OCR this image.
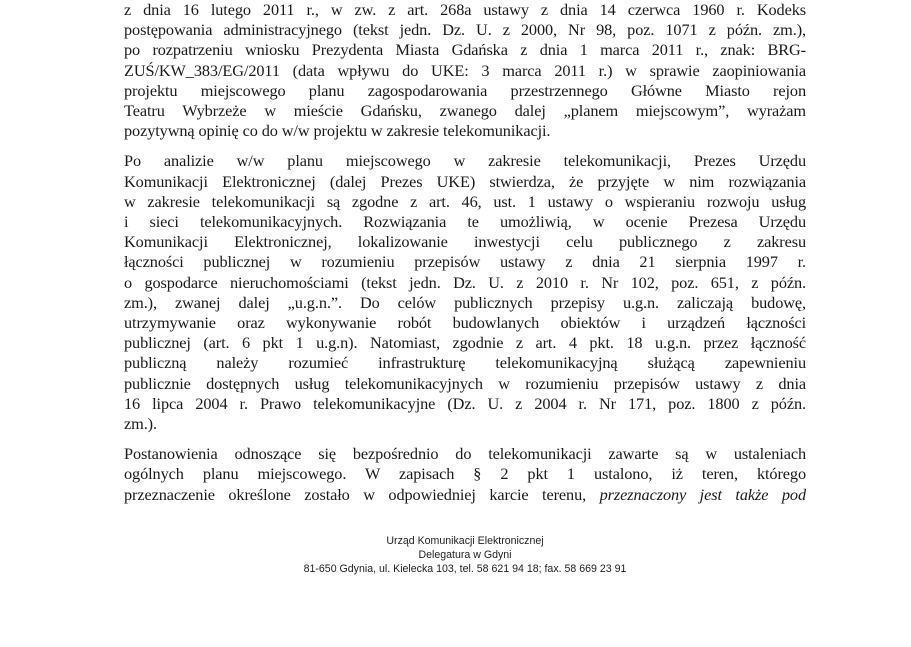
z dnia 16 lutego 2011 r., w zw. z art. 268a ustawy z dnia 14 czerwca 1960 r. Kodeks
postępowania administracyjnego (tekst jedn. Dz. U. z 2000, Nr 98, poz. 1071 z późn. zm.),
po rozpatrzeniu wniosku Prezydenta Miasta Gdańska z dnia 1 marca 2011 r., znak: BRG-
ZUŚ/KW_383/EG/2011 (data wpływu do UKE: 3 marca 2011 r.) w sprawie zaopiniowania
projektu miejscowego planu zagospodarowania przestrzennego Główne Miasto rejon
Teatru Wybrzeże w mieście Gdańsku, zwanego dalej „planem miejscowym”, wyrażam
pozytywną opinię co do w/w projektu w zakresie telekomunikacji.
Po analizie w/w planu miejscowego w zakresie telekomunikacji, Prezes Urzędu
Komunikacji Elektronicznej (dalej Prezes UKE) stwierdza, że przyjęte w nim rozwiązania
w zakresie telekomunikacji są zgodne z art. 46, ust. 1 ustawy o wspieraniu rozwoju usług
i sieci telekomunikacyjnych. Rozwiązania te umożliwią, w ocenie Prezesa Urzędu
Komunikacji Elektronicznej, lokalizowanie inwestycji celu publicznego z zakresu
łączności publicznej w rozumieniu przepisów ustawy z dnia 21 sierpnia 1997 r.
o gospodarce nieruchomościami (tekst jedn. Dz. U. z 2010 r. Nr 102, poz. 651, z późn.
zm.), zwanej dalej „u.g.n.”. Do celów publicznych przepisy u.g.n. zaliczają budowę,
utrzymywanie oraz wykonywanie robót budowlanych obiektów i urządzeń łączności
publicznej (art. 6 pkt 1 u.g.n). Natomiast, zgodnie z art. 4 pkt. 18 u.g.n. przez łączność
publiczną należy rozumieć infrastrukturę telekomunikacyjną służącą zapewnieniu
publicznie dostępnych usług telekomunikacyjnych w rozumieniu przepisów ustawy z dnia
16 lipca 2004 r. Prawo telekomunikacyjne (Dz. U. z 2004 r. Nr 171, poz. 1800 z późn.
zm.).
Postanowienia odnoszące się bezpośrednio do telekomunikacji zawarte są w ustaleniach
ogólnych planu miejscowego. W zapisach § 2 pkt 1 ustalono, iż teren, którego
przeznaczenie określone zostało w odpowiedniej karcie terenu, przeznaczony jest także pod
Urząd Komunikacji Elektronicznej
Delegatura w Gdyni
81-650 Gdynia, ul. Kielecka 103, tel. 58 621 94 18; fax. 58 669 23 91
